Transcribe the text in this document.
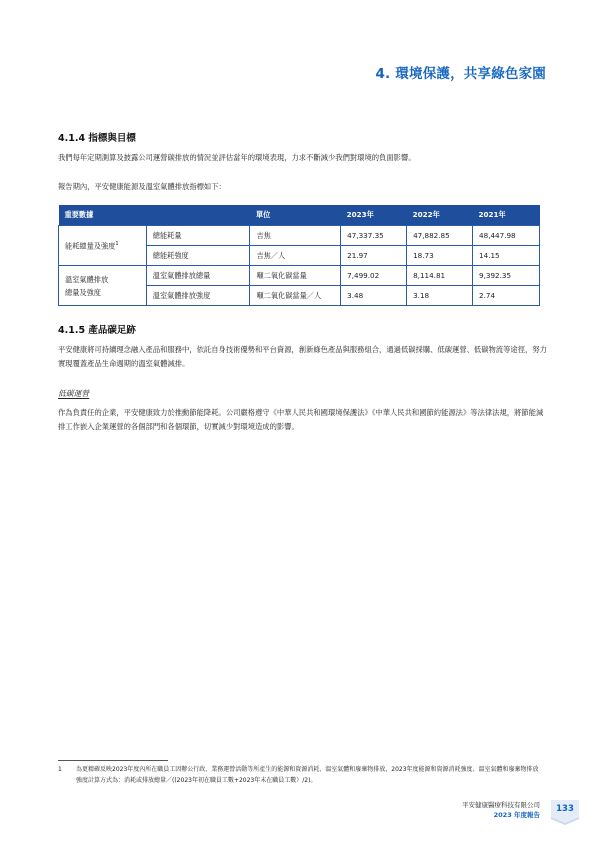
4. 環境保護，共享綠色家園
4.1.4 指標與目標
我們每年定期測算及披露公司運營碳排放的情況並評估當年的環境表現，力求不斷減少我們對環境的負面影響。
報告期內，平安健康能源及溫室氣體排放指標如下：
重要數據		單位	2023年	2022年	2021年
能耗總量及強度$^1$	總能耗量	吉焦	47,337.35	47,882.85	48,447.98
	總能耗強度	吉焦／人	21.97	18.73	14.15
溫室氣體排放
總量及強度	溫室氣體排放總量	噸二氧化碳當量	7,499.02	8,114.81	9,392.35
	溫室氣體排放強度	噸二氧化碳當量／人	3.48	3.18	2.74
4.1.5 產品碳足跡
平安健康將可持續理念融入產品和服務中，依託自身技術優勢和平台資源，創新綠色產品與服務組合，通過低碳採購、低碳運營、低碳物流等途徑，努力實現覆蓋產品生命週期的溫室氣體減排。
低碳運營
作為負責任的企業，平安健康致力於推動節能降耗。公司嚴格遵守《中華人民共和國環境保護法》《中華人民共和國節約能源法》等法律法規，將節能減排工作嵌入企業運營的各個部門和各個環節，切實減少對環境造成的影響。
1	為更精確反映2023年度內所在職員工因辦公行政、業務運營活動等所產生的能源和資源消耗、溫室氣體和廢棄物排放，2023年度能源和資源消耗強度、溫室氣體和廢棄物排放強度計算方式為：消耗或排放總量／((2023年初在職員工數+2023年末在職員工數）/2)。
平安健康醫療科技有限公司
2023 年度報告
133
